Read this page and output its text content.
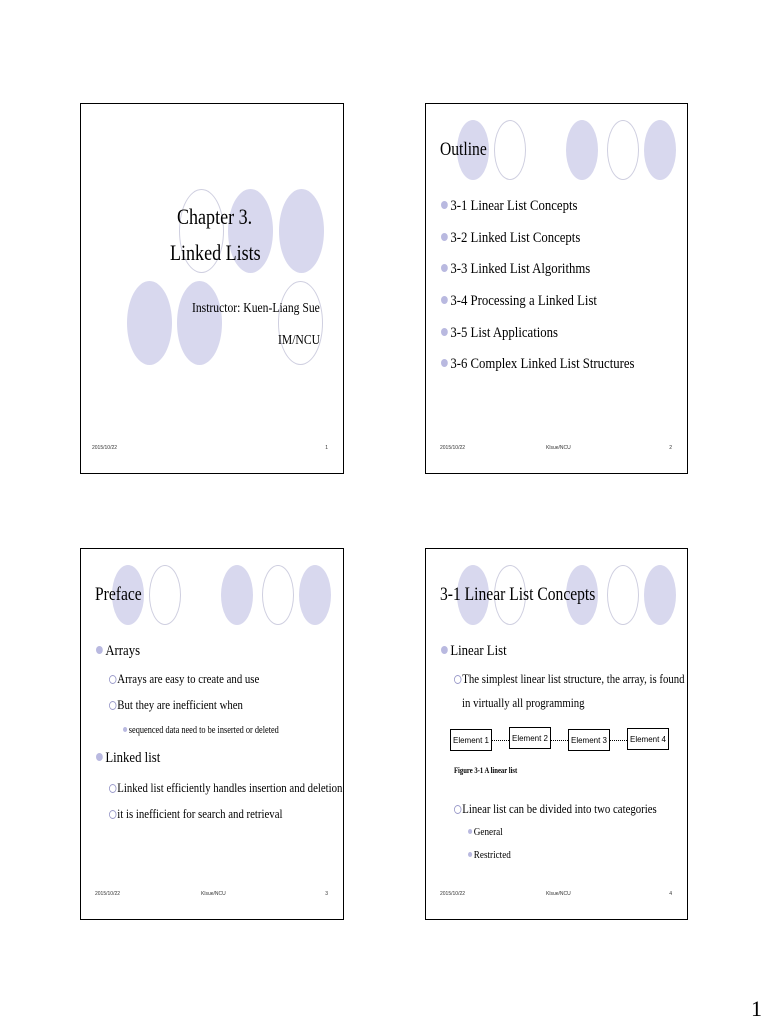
Chapter 3.
Linked Lists
Instructor: Kuen-Liang Sue
IM/NCU
2015/10/22	1
Outline
3-1 Linear List Concepts
3-2 Linked List Concepts
3-3 Linked List Algorithms
3-4 Processing a Linked List
3-5 List Applications
3-6 Complex Linked List Structures
2015/10/22	Klsue/NCU	2
Preface
Arrays
Arrays are easy to create and use
But they are inefficient when
sequenced data need to be inserted or deleted
Linked list
Linked list efficiently handles insertion and deletion
it is inefficient for search and retrieval
2015/10/22	Klsue/NCU	3
3-1 Linear List Concepts
Linear List
The simplest linear list structure, the array, is found
in virtually all programming
Element 1	Element 2	Element 3	Element 4
Figure 3-1 A linear list
Linear list can be divided into two categories
General
Restricted
2015/10/22	Klsue/NCU	4
1
